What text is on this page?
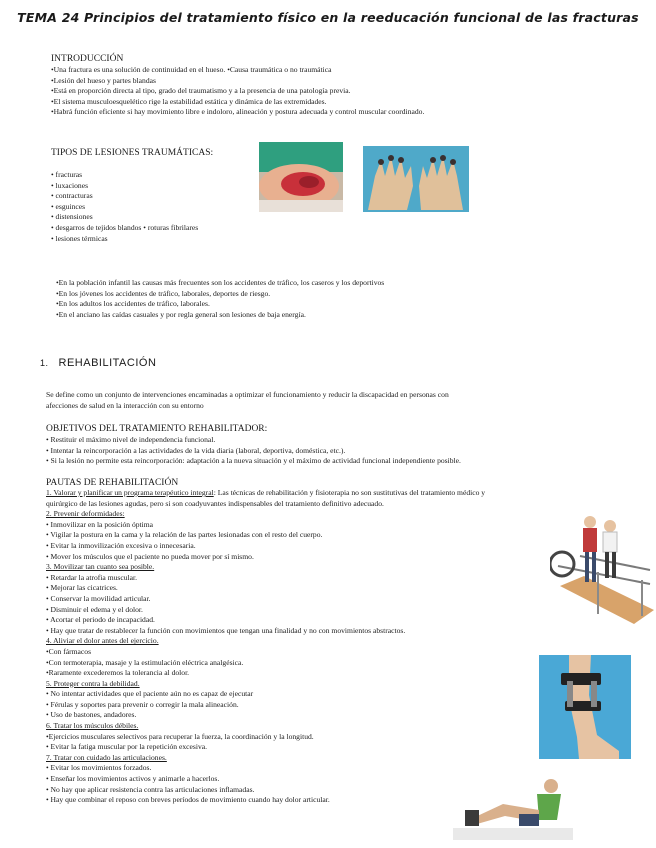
TEMA 24 Principios del tratamiento físico en la reeducación funcional de las fracturas
INTRODUCCIÓN
•Una fractura es una solución de continuidad en el hueso. •Causa traumática o no traumática
•Lesión del hueso y partes blandas
•Está en proporción directa al tipo, grado del traumatismo y a la presencia de una patología previa.
•El sistema musculoesquelético rige la estabilidad estática y dinámica de las extremidades.
•Habrá función eficiente si hay movimiento libre e indoloro, alineación y postura adecuada y control muscular coordinado.
TIPOS DE LESIONES TRAUMÁTICAS:
• fracturas
• luxaciones
• contracturas
• esguinces
• distensiones
• desgarros de tejidos blandos • roturas fibrilares
• lesiones térmicas
•En la población infantil las causas más frecuentes son los accidentes de tráfico, los caseros y los deportivos
•En los jóvenes los accidentes de tráfico, laborales, deportes de riesgo.
•En los adultos los accidentes de tráfico, laborales.
•En el anciano las caídas casuales y por regla general son lesiones de baja energía.
1. REHABILITACIÓN
Se define como un conjunto de intervenciones encaminadas a optimizar el funcionamiento y reducir la discapacidad en personas con
afecciones de salud en la interacción con su entorno
OBJETIVOS DEL TRATAMIENTO REHABILITADOR:
• Restituir el máximo nivel de independencia funcional.
• Intentar la reincorporación a las actividades de la vida diaria (laboral, deportiva, doméstica, etc.).
• Si la lesión no permite esta reincorporación: adaptación a la nueva situación y el máximo de actividad funcional independiente posible.
PAUTAS DE REHABILITACIÓN
1. Valorar y planificar un programa terapéutico integral: Las técnicas de rehabilitación y fisioterapia no son sustitutivas del tratamiento médico y
quirúrgico de las lesiones agudas, pero si son coadyuvantes indispensables del tratamiento definitivo adecuado.
2. Prevenir deformidades:
• Inmovilizar en la posición óptima
• Vigilar la postura en la cama y la relación de las partes lesionadas con el resto del cuerpo.
• Evitar la inmovilización excesiva o innecesaria.
• Mover los músculos que el paciente no pueda mover por sí mismo.
3. Movilizar tan cuanto sea posible.
• Retardar la atrofia muscular.
• Mejorar las cicatrices.
• Conservar la movilidad articular.
• Disminuir el edema y el dolor.
• Acortar el periodo de incapacidad.
• Hay que tratar de restablecer la función con movimientos que tengan una finalidad y no con movimientos abstractos.
4. Aliviar el dolor antes del ejercicio.
•Con fármacos
•Con termoterapia, masaje y la estimulación eléctrica analgésica.
•Raramente excederemos la tolerancia al dolor.
5. Proteger contra la debilidad.
• No intentar actividades que el paciente aún no es capaz de ejecutar
• Férulas y soportes para prevenir o corregir la mala alineación.
• Uso de bastones, andadores.
6. Tratar los músculos débiles.
•Ejercicios musculares selectivos para recuperar la fuerza, la coordinación y la longitud.
• Evitar la fatiga muscular por la repetición excesiva.
7. Tratar con cuidado las articulaciones.
• Evitar los movimientos forzados.
• Enseñar los movimientos activos y animarle a hacerlos.
• No hay que aplicar resistencia contra las articulaciones inflamadas.
• Hay que combinar el reposo con breves períodos de movimiento cuando hay dolor articular.
